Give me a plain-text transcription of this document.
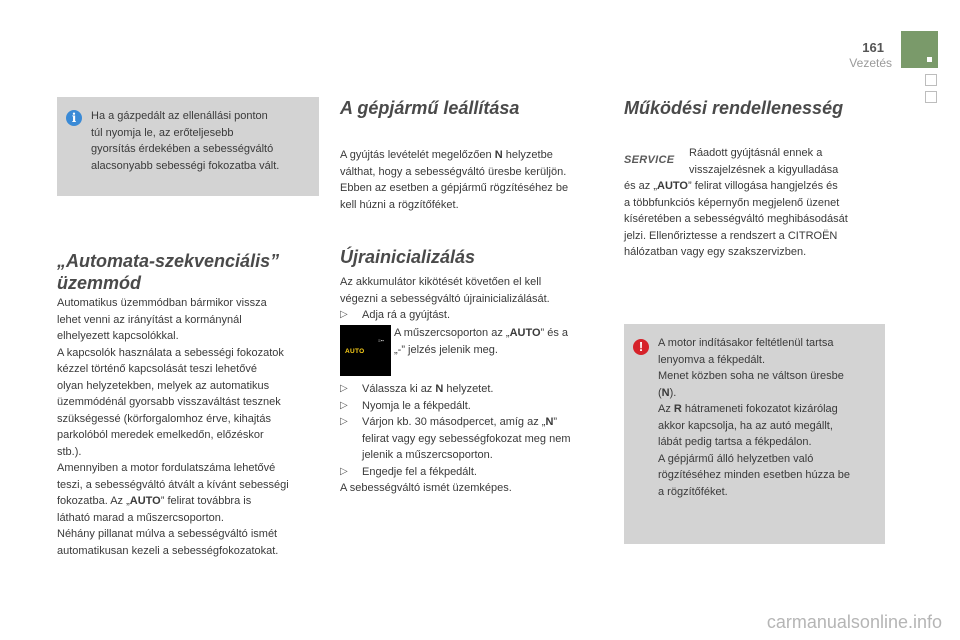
161
Vezetés
i	Ha a gázpedált az ellenállási ponton
túl nyomja le, az erőteljesebb
gyorsítás érdekében a sebességváltó
alacsonyabb sebességi fokozatba vált.
„Automata-szekvenciális”
üzemmód
Automatikus üzemmódban bármikor vissza
lehet venni az irányítást a kormánynál
elhelyezett kapcsolókkal.
A kapcsolók használata a sebességi fokozatok
kézzel történő kapcsolását teszi lehetővé
olyan helyzetekben, melyek az automatikus
üzemmódénál gyorsabb visszaváltást tesznek
szükségessé (körforgalomhoz érve, kihajtás
parkolóból meredek emelkedőn, előzéskor
stb.).
Amennyiben a motor fordulatszáma lehetővé
teszi, a sebességváltó átvált a kívánt sebességi
fokozatba. Az „AUTO” felirat továbbra is
látható marad a műszercsoporton.
Néhány pillanat múlva a sebességváltó ismét
automatikusan kezeli a sebességfokozatokat.
A gépjármű leállítása
A gyújtás levételét megelőzően N helyzetbe
válthat, hogy a sebességváltó üresbe kerüljön.
Ebben az esetben a gépjármű rögzítéséhez be
kell húzni a rögzítőféket.
Újrainicializálás
Az akkumulátor kikötését követően el kell
végezni a sebességváltó újrainicializálását.
▷ Adja rá a gyújtást.
AUTO
≡▪▪
A műszercsoporton az „AUTO” és a
„-” jelzés jelenik meg.
▷ Válassza ki az N helyzetet.
▷ Nyomja le a fékpedált.
▷ Várjon kb. 30 másodpercet, amíg az „N”
felirat vagy egy sebességfokozat meg nem
jelenik a műszercsoporton.
▷ Engedje fel a fékpedált.
A sebességváltó ismét üzemképes.
Működési rendellenesség
SERVICE
Ráadott gyújtásnál ennek a
visszajelzésnek a kigyulladása
és az „AUTO” felirat villogása hangjelzés és
a többfunkciós képernyőn megjelenő üzenet
kíséretében a sebességváltó meghibásodását
jelzi. Ellenőriztesse a rendszert a CITROËN
hálózatban vagy egy szakszervizben.
!	A motor indításakor feltétlenül tartsa
lenyomva a fékpedált.
Menet közben soha ne váltson üresbe
(N).
Az R hátrameneti fokozatot kizárólag
akkor kapcsolja, ha az autó megállt,
lábát pedig tartsa a fékpedálon.
A gépjármű álló helyzetben való
rögzítéséhez minden esetben húzza be
a rögzítőféket.
carmanualsonline.info
